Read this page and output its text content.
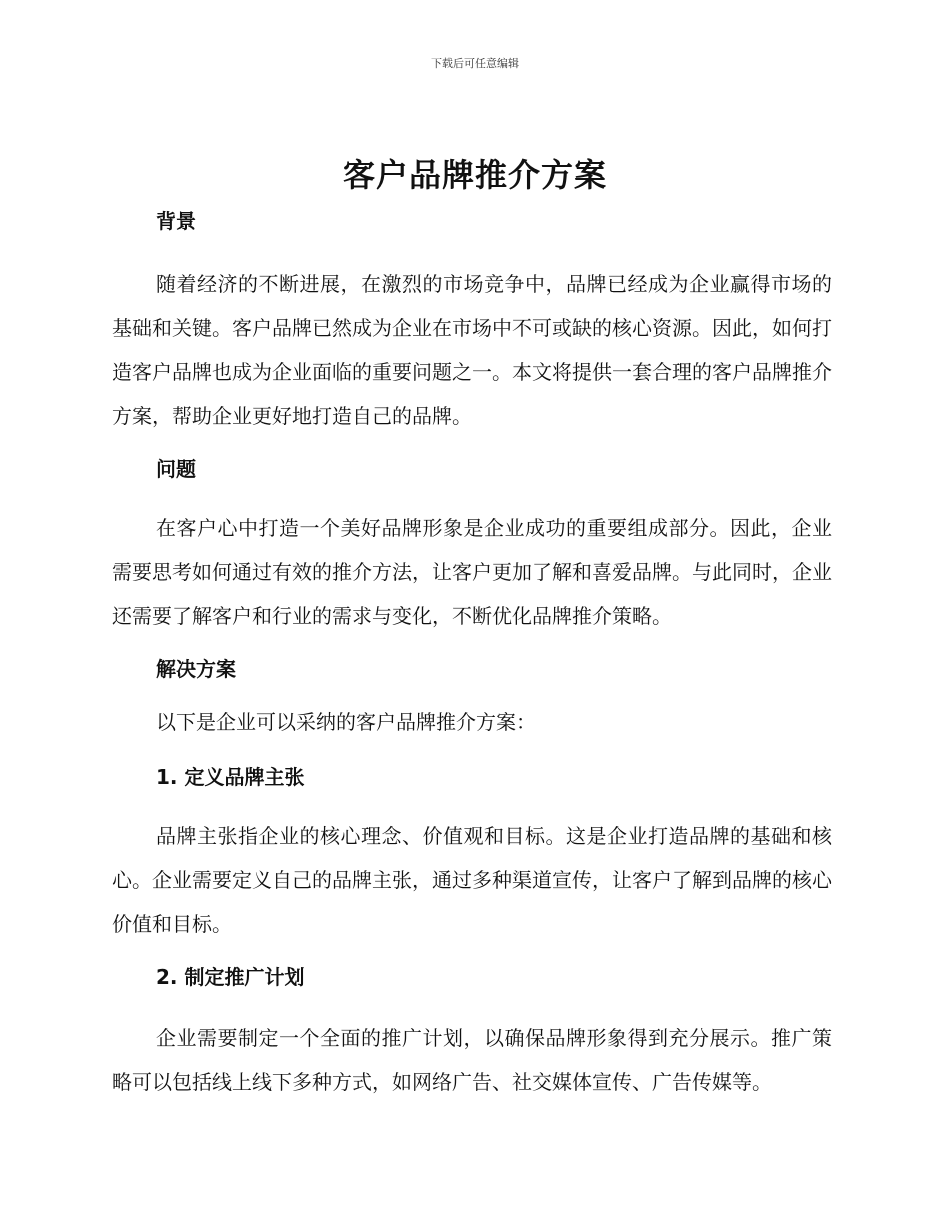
下载后可任意编辑
客户品牌推介方案
背景

随着经济的不断进展，在激烈的市场竞争中，品牌已经成为企业赢得市场的基础和关键。客户品牌已然成为企业在市场中不可或缺的核心资源。因此，如何打造客户品牌也成为企业面临的重要问题之一。本文将提供一套合理的客户品牌推介方案，帮助企业更好地打造自己的品牌。

问题

在客户心中打造一个美好品牌形象是企业成功的重要组成部分。因此，企业需要思考如何通过有效的推介方法，让客户更加了解和喜爱品牌。与此同时，企业还需要了解客户和行业的需求与变化，不断优化品牌推介策略。

解决方案

以下是企业可以采纳的客户品牌推介方案：

1. 定义品牌主张

品牌主张指企业的核心理念、价值观和目标。这是企业打造品牌的基础和核心。企业需要定义自己的品牌主张，通过多种渠道宣传，让客户了解到品牌的核心价值和目标。

2. 制定推广计划

企业需要制定一个全面的推广计划，以确保品牌形象得到充分展示。推广策略可以包括线上线下多种方式，如网络广告、社交媒体宣传、广告传媒等。
